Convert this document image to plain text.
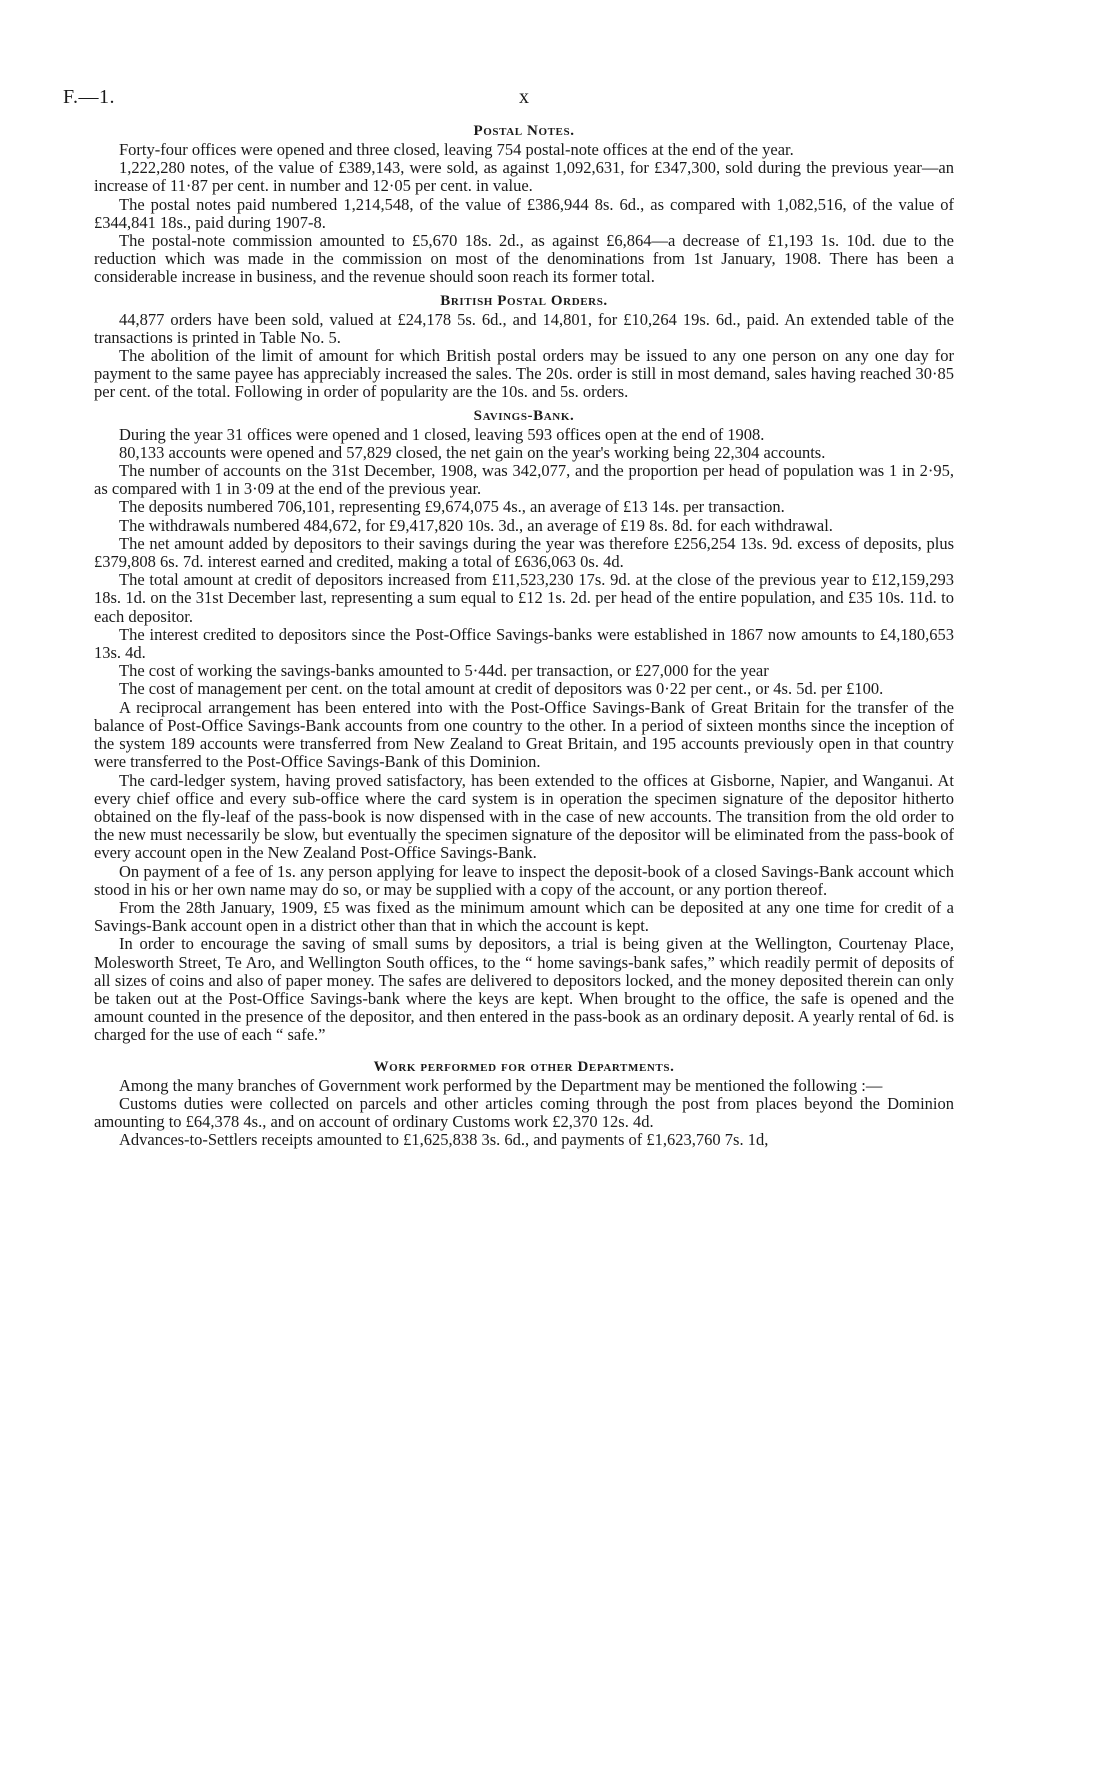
F.—1.	x
Postal Notes.

Forty-four offices were opened and three closed, leaving 754 postal-note offices at the end of the year.

1,222,280 notes, of the value of £389,143, were sold, as against 1,092,631, for £347,300, sold during the previous year—an increase of 11·87 per cent. in number and 12·05 per cent. in value.

The postal notes paid numbered 1,214,548, of the value of £386,944 8s. 6d., as compared with 1,082,516, of the value of £344,841 18s., paid during 1907-8.

The postal-note commission amounted to £5,670 18s. 2d., as against £6,864—a decrease of £1,193 1s. 10d. due to the reduction which was made in the commission on most of the denominations from 1st January, 1908. There has been a considerable increase in business, and the revenue should soon reach its former total.

British Postal Orders.

44,877 orders have been sold, valued at £24,178 5s. 6d., and 14,801, for £10,264 19s. 6d., paid. An extended table of the transactions is printed in Table No. 5.

The abolition of the limit of amount for which British postal orders may be issued to any one person on any one day for payment to the same payee has appreciably increased the sales. The 20s. order is still in most demand, sales having reached 30·85 per cent. of the total. Following in order of popularity are the 10s. and 5s. orders.

Savings-Bank.

During the year 31 offices were opened and 1 closed, leaving 593 offices open at the end of 1908.

80,133 accounts were opened and 57,829 closed, the net gain on the year's working being 22,304 accounts.

The number of accounts on the 31st December, 1908, was 342,077, and the proportion per head of population was 1 in 2·95, as compared with 1 in 3·09 at the end of the previous year.

The deposits numbered 706,101, representing £9,674,075 4s., an average of £13 14s. per transaction.

The withdrawals numbered 484,672, for £9,417,820 10s. 3d., an average of £19 8s. 8d. for each withdrawal.

The net amount added by depositors to their savings during the year was therefore £256,254 13s. 9d. excess of deposits, plus £379,808 6s. 7d. interest earned and credited, making a total of £636,063 0s. 4d.

The total amount at credit of depositors increased from £11,523,230 17s. 9d. at the close of the previous year to £12,159,293 18s. 1d. on the 31st December last, representing a sum equal to £12 1s. 2d. per head of the entire population, and £35 10s. 11d. to each depositor.

The interest credited to depositors since the Post-Office Savings-banks were established in 1867 now amounts to £4,180,653 13s. 4d.

The cost of working the savings-banks amounted to 5·44d. per transaction, or £27,000 for the year

The cost of management per cent. on the total amount at credit of depositors was 0·22 per cent., or 4s. 5d. per £100.

A reciprocal arrangement has been entered into with the Post-Office Savings-Bank of Great Britain for the transfer of the balance of Post-Office Savings-Bank accounts from one country to the other. In a period of sixteen months since the inception of the system 189 accounts were transferred from New Zealand to Great Britain, and 195 accounts previously open in that country were transferred to the Post-Office Savings-Bank of this Dominion.

The card-ledger system, having proved satisfactory, has been extended to the offices at Gisborne, Napier, and Wanganui. At every chief office and every sub-office where the card system is in operation the specimen signature of the depositor hitherto obtained on the fly-leaf of the pass-book is now dispensed with in the case of new accounts. The transition from the old order to the new must necessarily be slow, but eventually the specimen signature of the depositor will be eliminated from the pass-book of every account open in the New Zealand Post-Office Savings-Bank.

On payment of a fee of 1s. any person applying for leave to inspect the deposit-book of a closed Savings-Bank account which stood in his or her own name may do so, or may be supplied with a copy of the account, or any portion thereof.

From the 28th January, 1909, £5 was fixed as the minimum amount which can be deposited at any one time for credit of a Savings-Bank account open in a district other than that in which the account is kept.

In order to encourage the saving of small sums by depositors, a trial is being given at the Wellington, Courtenay Place, Molesworth Street, Te Aro, and Wellington South offices, to the “ home savings-bank safes,” which readily permit of deposits of all sizes of coins and also of paper money. The safes are delivered to depositors locked, and the money deposited therein can only be taken out at the Post-Office Savings-bank where the keys are kept. When brought to the office, the safe is opened and the amount counted in the presence of the depositor, and then entered in the pass-book as an ordinary deposit. A yearly rental of 6d. is charged for the use of each “ safe.”

Work performed for other Departments.

Among the many branches of Government work performed by the Department may be mentioned the following :—

Customs duties were collected on parcels and other articles coming through the post from places beyond the Dominion amounting to £64,378 4s., and on account of ordinary Customs work £2,370 12s. 4d.

Advances-to-Settlers receipts amounted to £1,625,838 3s. 6d., and payments of £1,623,760 7s. 1d,
